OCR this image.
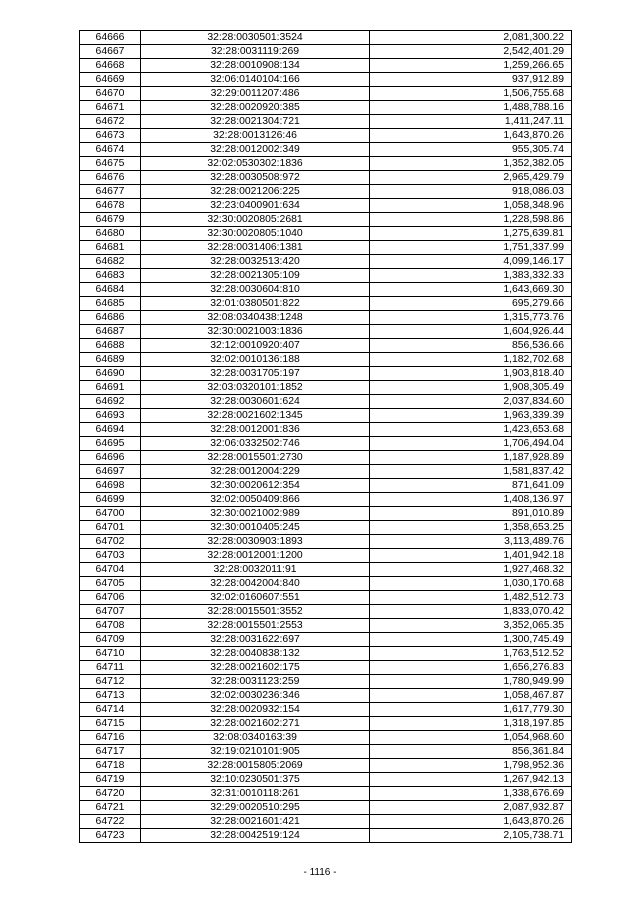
64666	32:28:0030501:3524	2,081,300.22
64667	32:28:0031119:269	2,542,401.29
64668	32:28:0010908:134	1,259,266.65
64669	32:06:0140104:166	937,912.89
64670	32:29:0011207:486	1,506,755.68
64671	32:28:0020920:385	1,488,788.16
64672	32:28:0021304:721	1,411,247.11
64673	32:28:0013126:46	1,643,870.26
64674	32:28:0012002:349	955,305.74
64675	32:02:0530302:1836	1,352,382.05
64676	32:28:0030508:972	2,965,429.79
64677	32:28:0021206:225	918,086.03
64678	32:23:0400901:634	1,058,348.96
64679	32:30:0020805:2681	1,228,598.86
64680	32:30:0020805:1040	1,275,639.81
64681	32:28:0031406:1381	1,751,337.99
64682	32:28:0032513:420	4,099,146.17
64683	32:28:0021305:109	1,383,332.33
64684	32:28:0030604:810	1,643,669.30
64685	32:01:0380501:822	695,279.66
64686	32:08:0340438:1248	1,315,773.76
64687	32:30:0021003:1836	1,604,926.44
64688	32:12:0010920:407	856,536.66
64689	32:02:0010136:188	1,182,702.68
64690	32:28:0031705:197	1,903,818.40
64691	32:03:0320101:1852	1,908,305.49
64692	32:28:0030601:624	2,037,834.60
64693	32:28:0021602:1345	1,963,339.39
64694	32:28:0012001:836	1,423,653.68
64695	32:06:0332502:746	1,706,494.04
64696	32:28:0015501:2730	1,187,928.89
64697	32:28:0012004:229	1,581,837.42
64698	32:30:0020612:354	871,641.09
64699	32:02:0050409:866	1,408,136.97
64700	32:30:0021002:989	891,010.89
64701	32:30:0010405:245	1,358,653.25
64702	32:28:0030903:1893	3,113,489.76
64703	32:28:0012001:1200	1,401,942.18
64704	32:28:0032011:91	1,927,468.32
64705	32:28:0042004:840	1,030,170.68
64706	32:02:0160607:551	1,482,512.73
64707	32:28:0015501:3552	1,833,070.42
64708	32:28:0015501:2553	3,352,065.35
64709	32:28:0031622:697	1,300,745.49
64710	32:28:0040838:132	1,763,512.52
64711	32:28:0021602:175	1,656,276.83
64712	32:28:0031123:259	1,780,949.99
64713	32:02:0030236:346	1,058,467.87
64714	32:28:0020932:154	1,617,779.30
64715	32:28:0021602:271	1,318,197.85
64716	32:08:0340163:39	1,054,968.60
64717	32:19:0210101:905	856,361.84
64718	32:28:0015805:2069	1,798,952.36
64719	32:10:0230501:375	1,267,942.13
64720	32:31:0010118:261	1,338,676.69
64721	32:29:0020510:295	2,087,932.87
64722	32:28:0021601:421	1,643,870.26
64723	32:28:0042519:124	2,105,738.71
- 1116 -
